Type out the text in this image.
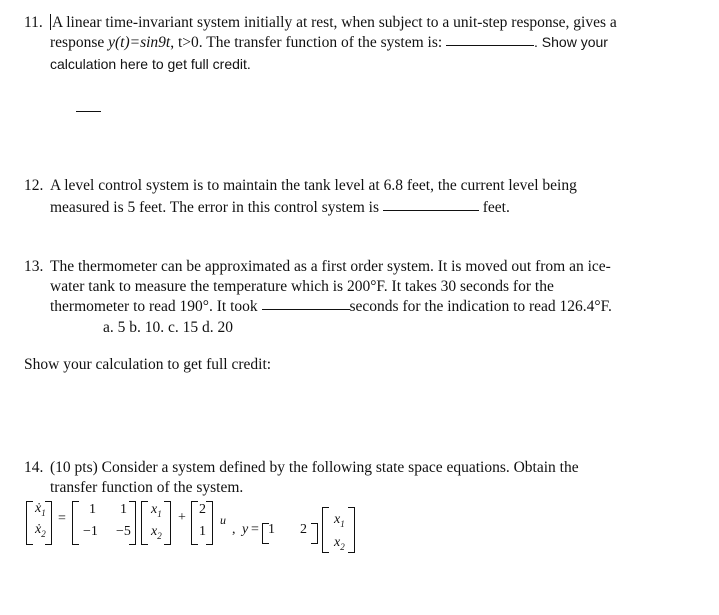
11. A linear time-invariant system initially at rest, when subject to a unit-step response, gives a
response y(t)=sin9t, t>0. The transfer function of the system is:	. Show your
calculation here to get full credit.
12. A level control system is to maintain the tank level at 6.8 feet, the current level being
measured is 5 feet. The error in this control system is	feet.
13. The thermometer can be approximated as a first order system. It is moved out from an ice-
water tank to measure the temperature which is 200°F. It takes 30 seconds for the
thermometer to read 190°. It took	seconds for the indication to read 126.4°F.
a. 5 b. 10. c. 15 d. 20
Show your calculation to get full credit:
14. (10 pts) Consider a system defined by the following state space equations. Obtain the
transfer function of the system.
ẋ$_1$
ẋ$_2$
=
1 1
−1 −5
$x_1$
$x_2$
+
2
1
u
, y = 1 2
$x_1$
$x_2$
